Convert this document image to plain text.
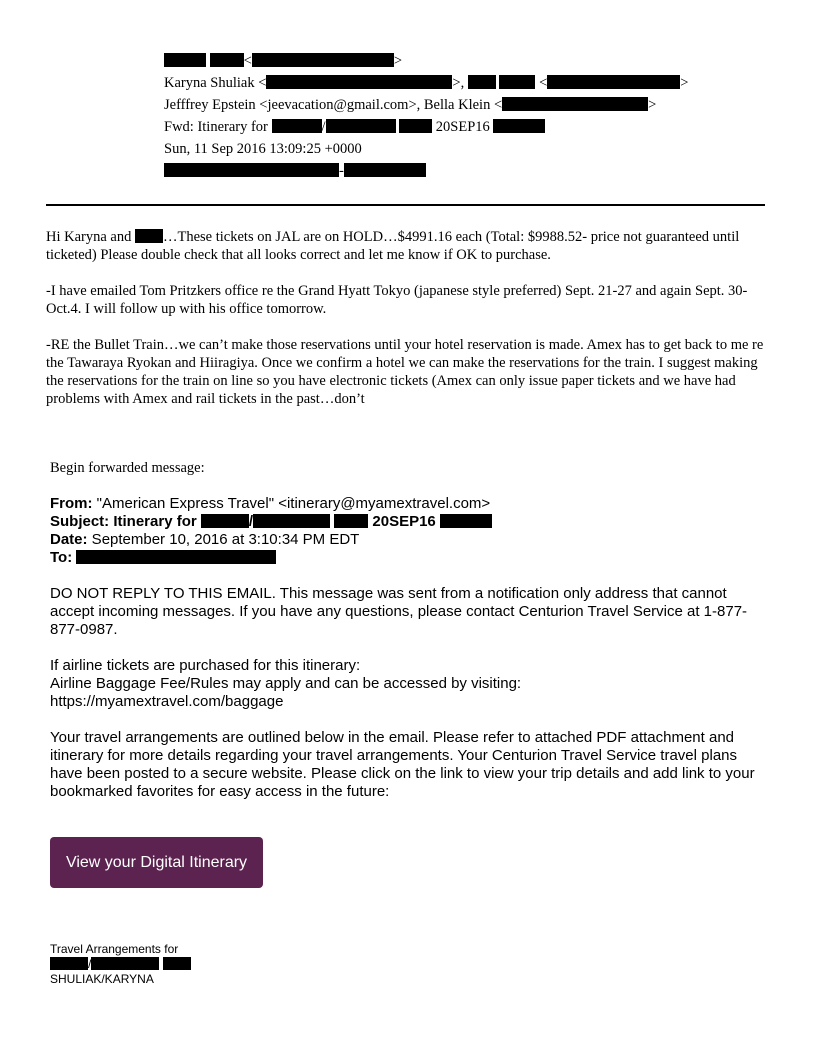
<	>
Karyna Shuliak <	>,	<	>
Jefffrey Epstein <jeevacation@gmail.com>, Bella Klein <	>
Fwd: Itinerary for	/	20SEP16
Sun, 11 Sep 2016 13:09:25 +0000
-

Hi Karyna and …These tickets on JAL are on HOLD…$4991.16 each (Total: $9988.52- price not guaranteed until ticketed) Please double check that all looks correct and let me know if OK to purchase.

-I have emailed Tom Pritzkers office re the Grand Hyatt Tokyo (japanese style preferred) Sept. 21-27 and again Sept. 30-Oct.4. I will follow up with his office tomorrow.

-RE the Bullet Train…we can’t make those reservations until your hotel reservation is made. Amex has to get back to me re the Tawaraya Ryokan and Hiiragiya. Once we confirm a hotel we can make the reservations for the train. I suggest making the reservations for the train on line so you have electronic tickets (Amex can only issue paper tickets and we have had problems with Amex and rail tickets in the past…don’t

Begin forwarded message:
From: "American Express Travel" <itinerary@myamextravel.com>
Subject: Itinerary for	/	20SEP16
Date: September 10, 2016 at 3:10:34 PM EDT
To:

DO NOT REPLY TO THIS EMAIL. This message was sent from a notification only address that cannot accept incoming messages. If you have any questions, please contact Centurion Travel Service at 1-877-877-0987.

If airline tickets are purchased for this itinerary:
Airline Baggage Fee/Rules may apply and can be accessed by visiting:
https://myamextravel.com/baggage

Your travel arrangements are outlined below in the email. Please refer to attached PDF attachment and itinerary for more details regarding your travel arrangements. Your Centurion Travel Service travel plans have been posted to a secure website. Please click on the link to view your trip details and add link to your bookmarked favorites for easy access in the future:

View your Digital Itinerary
Travel Arrangements for
/
SHULIAK/KARYNA
